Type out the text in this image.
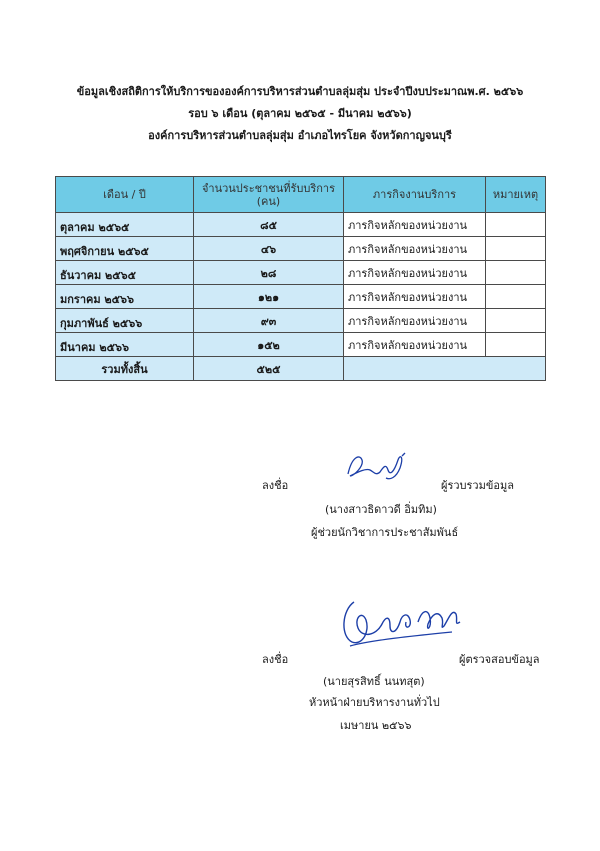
ข้อมูลเชิงสถิติการให้บริการขององค์การบริหารส่วนตำบลลุ่มสุ่ม ประจำปีงบประมาณพ.ศ. ๒๕๖๖
รอบ ๖ เดือน (ตุลาคม ๒๕๖๕ - มีนาคม ๒๕๖๖)
องค์การบริหารส่วนตำบลลุ่มสุ่ม อำเภอไทรโยค จังหวัดกาญจนบุรี
เดือน / ปี	จำนวนประชาชนที่รับบริการ (คน)	ภารกิจงานบริการ	หมายเหตุ
ตุลาคม ๒๕๖๕	๘๕	ภารกิจหลักของหน่วยงาน	
พฤศจิกายน ๒๕๖๕	๔๖	ภารกิจหลักของหน่วยงาน	
ธันวาคม ๒๕๖๕	๒๘	ภารกิจหลักของหน่วยงาน	
มกราคม ๒๕๖๖	๑๒๑	ภารกิจหลักของหน่วยงาน	
กุมภาพันธ์ ๒๕๖๖	๙๓	ภารกิจหลักของหน่วยงาน	
มีนาคม ๒๕๖๖	๑๕๒	ภารกิจหลักของหน่วยงาน	
รวมทั้งสิ้น	๕๒๕		
ลงชื่อ	ผู้รวบรวมข้อมูล
(นางสาวธิดาวดี อิ่มทิม)
ผู้ช่วยนักวิชาการประชาสัมพันธ์
ลงชื่อ	ผู้ตรวจสอบข้อมูล
(นายสุรสิทธิ์ นนทสุต)
หัวหน้าฝ่ายบริหารงานทั่วไป
เมษายน ๒๕๖๖
